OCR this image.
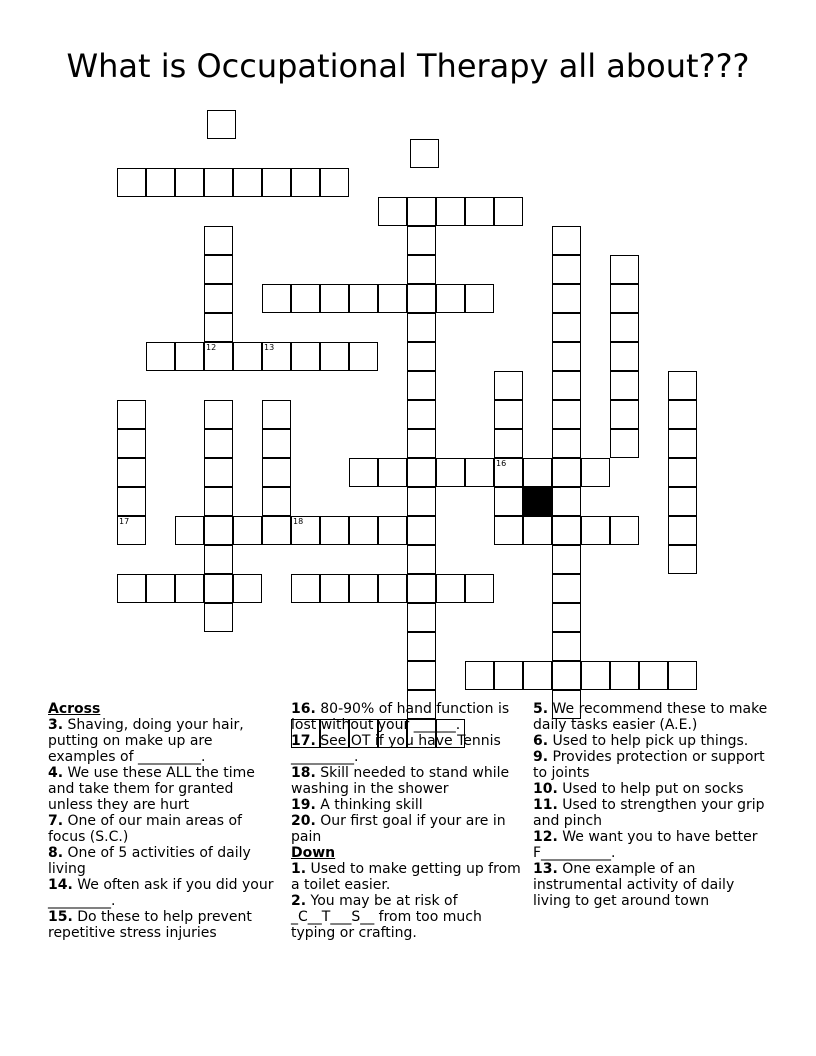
What is Occupational Therapy all about???
12	13
16
17	18

Across

3. Shaving, doing your hair, putting on make up are examples of _________.

4. We use these ALL the time and take them for granted unless they are hurt

7. One of our main areas of focus (S.C.)

8. One of 5 activities of daily living

14. We often ask if you did your _________.

15. Do these to help prevent repetitive stress injuries

16. 80-90% of hand function is lost without your ______.

17. See OT if you have Tennis _________.

18. Skill needed to stand while washing in the shower

19. A thinking skill

20. Our first goal if your are in pain

Down

1. Used to make getting up from a toilet easier.

2. You may be at risk of _C__T___S__ from too much typing or crafting.

5. We recommend these to make daily tasks easier (A.E.)

6. Used to help pick up things.

9. Provides protection or support to joints

10. Used to help put on socks

11. Used to strengthen your grip and pinch

12. We want you to have better F__________.

13. One example of an instrumental activity of daily living to get around town
